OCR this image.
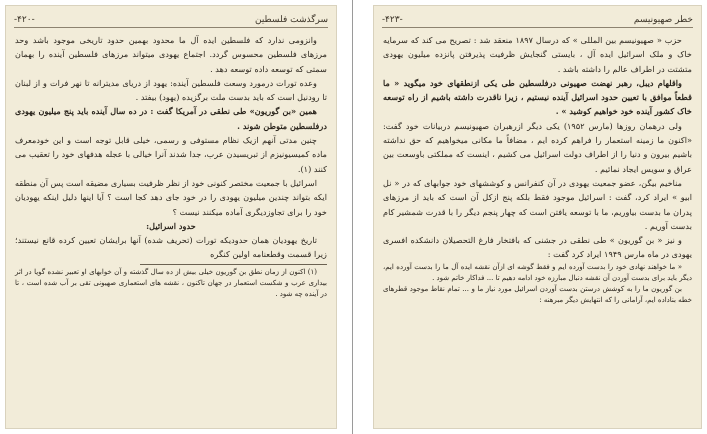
سرگذشت فلسطین
-۴۲۰-

وانزومی ندارد که فلسطین ایده آل ما محدود بهمین حدود تاریخی موجود باشد وحد مرزهای فلسطین محسوس گردد. اجتماع یهودی میتواند مرزهای فلسطین آینده را بهمان سمتی که توسعه داده توسعه دهد .

وعده تورات درمورد وسعت فلسطین آینده: یهود از دریای مدیترانه تا نهر فرات و از لبنان تا رودنیل است که باید بدست ملت برگزیده (یهود) بیفتد .

همین «بن گوریون» طی نطقی در آمریکا گفت : در ده سال آینده باید پنج میلیون یهودی درفلسطین متوطن شوند .

چنین مدتی آنهم ازیک نظام مستوفی و رسمی، خیلی قابل توجه است و این خودمعرف ماده کمیسیونیزم از تبریسیدن عرب، جدا شدند آنرا خیالی با عجله هدفهای خود را تعقیب می کنند (۱).

اسرائیل با جمعیت مختصر کنونی خود از نظر ظرفیت بسیاری مضیقه است پس آن منطقه ایکه بتواند چندین میلیون یهودی را در خود جای دهد کجا است ؟ آیا اینها دلیل اینکه یهودیان خود را برای تجاوزدیگری آماده میکنند نیست ؟

حدود اسرائیل:

تاریخ یهودیان همان حدودیکه تورات (تحریف شده) آنها برایشان تعیین کرده قانع نیستند؛ زیرا قسمت وقطعنامه اولین کنگره

(۱) اکنون از زمان نطق بن گوریون خیلی بیش از ده سال گذشته و آن خوابهای او تعبیر نشده گویا در اثر بیداری عرب و شکست استعمار در جهان تاکنون ، نقشه های استعماری صهیونی تقی بر آب شده است ، تا در آینده چه شود .

خطر صهیونیسم
-۴۲۳-

حزب « صهیونیسم بین المللی » که درسال ۱۸۹۷ منعقد شد : تصریح می کند که سرمایه خاک و ملک اسرائیل ایده آل ، بایستی گنجایش ظرفیت پذیرفتن پانزده میلیون یهودی متشتت در اطراف عالم را داشته باشد .

واقلهام دیبل، رهبر نهضت صهیونی درفلسطین طی یکی ازنطقهای خود میگوید « ما قطعاً موافق با تعیین حدود اسرائیل آینده نیستیم ، زیرا ناقدرت داشته باشیم از راه توسعه خاک کشور آینده خود خواهیم کوشید » .

ولی درهمان روزها (مارس ۱۹۵۲) یکی دیگر ازرهبران صهیونیسم دربیانات خود گفت: «اکنون ما زمینه استعمار را فراهم کرده ایم ، مضافاً ما مکانی میخواهیم که حق نداشته باشیم بیرون و دنیا را از اطراف دولت اسرائیل می کشیم ، اینست که مملکتی باوسعت بین عراق و سویس ایجاد نمائیم .

مناخیم بیگن، عضو جمعیت یهودی در آن کنفرانس و کوششهای خود جوابهای که در « نل ابیو » ایراد کرد، گفت : اسرائیل موجود فقط بلکه پنج ازکل آن است که باید از مرزهای پدران ما بدست بیاوریم، ما با توسعه یافتن است که چهار پنجم دیگر را با قدرت شمشیر کام بدست آوریم .

و نیز « بن گوریون » طی نطقی در جشنی که بافتخار فارغ التحصیلان دانشکده افسری یهودی در ماه مارس ۱۹۴۹ ایراد کرد گفت :

« ما خواهند نهادی خود را بدست آورده ایم و فقط گوشه ای ازآن نقشه ایده آل ما را بدست آورده ایم، دیگر باید برای بدست آوردن آن نقشه دنبال مبارزه خود ادامه دهیم تا ... فداکار خاتم شود .

بن گوریون ما را به کوشش درستن بدست آوردن اسرائیل مورد نیاز ما و ... تمام نقاط موجود قطرهای خطه بناداده ایم، آرامانی را که انتهایش دیگر مبرهنه :
